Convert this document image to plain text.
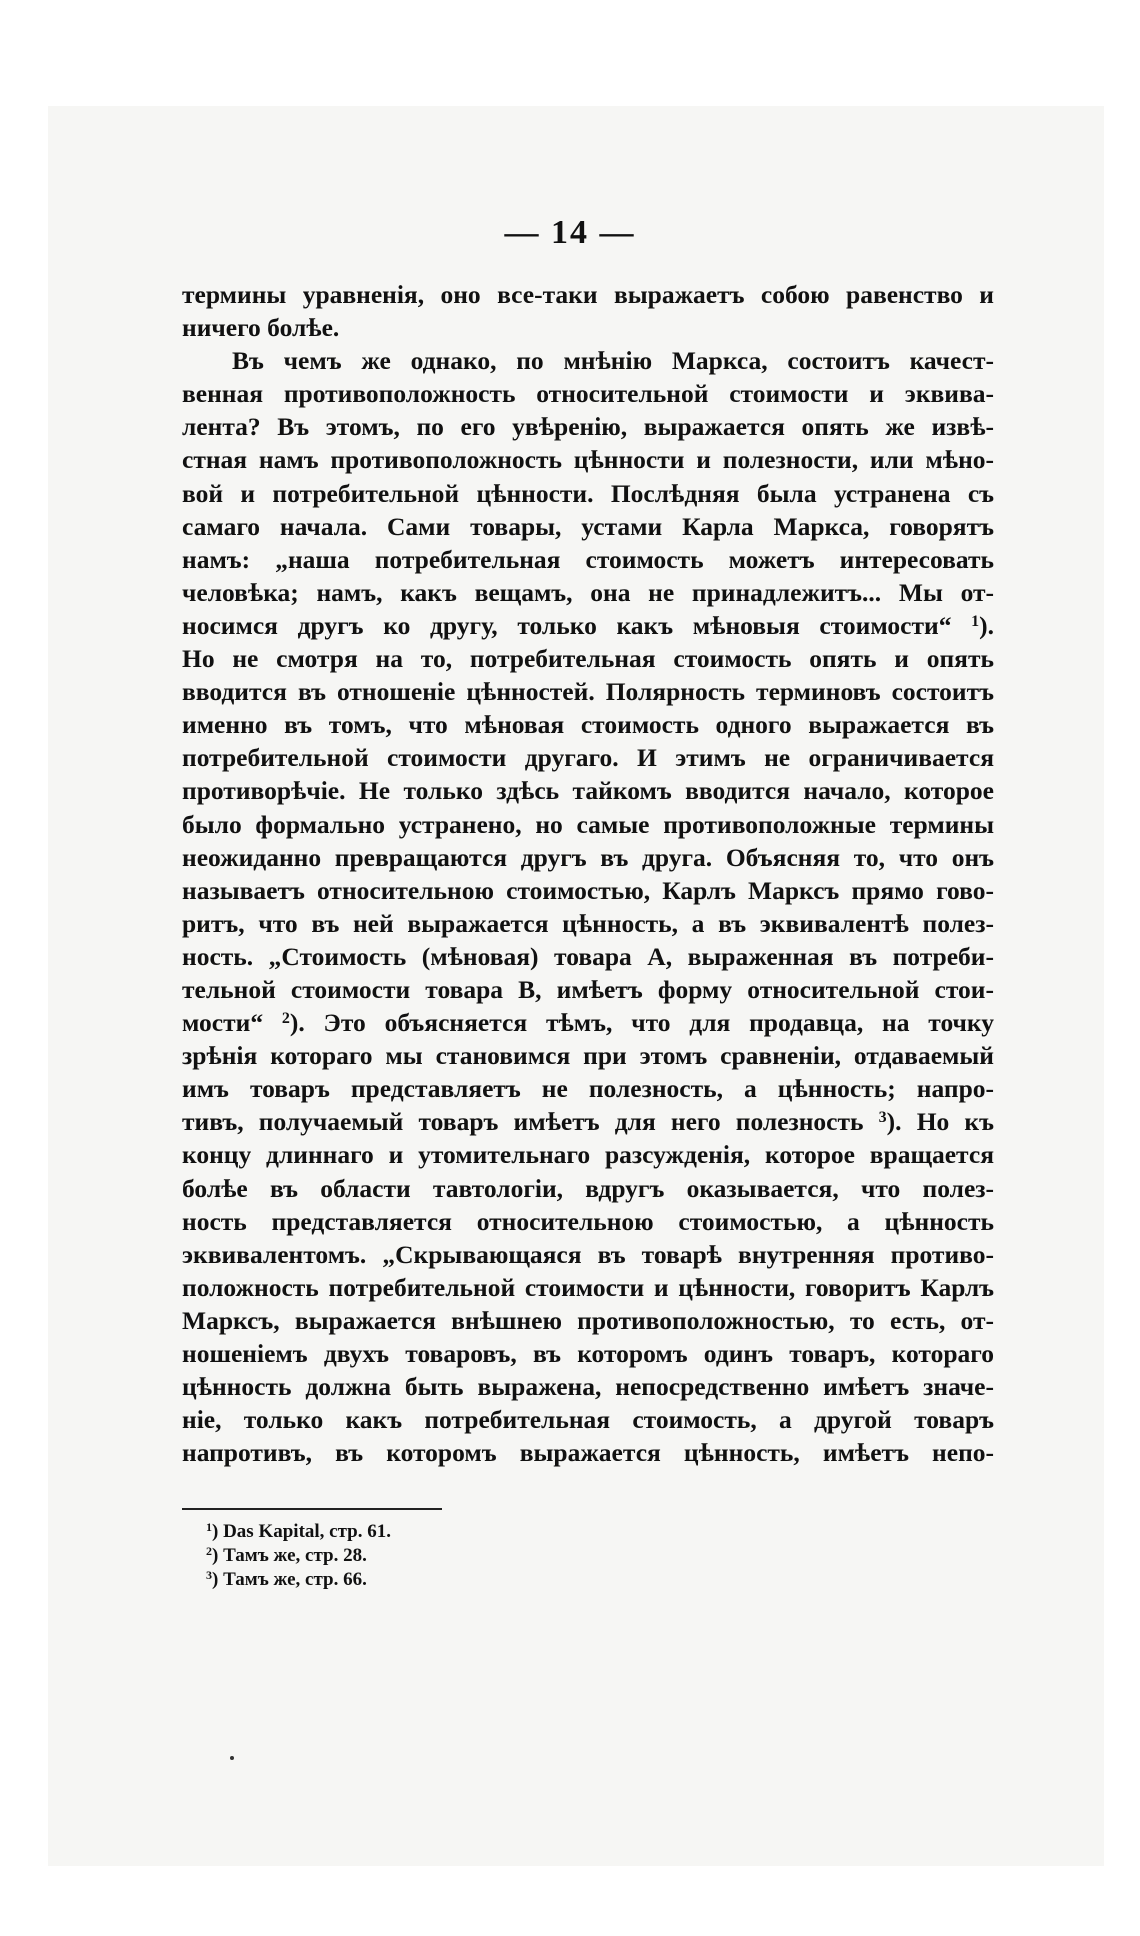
— 14 —
термины уравненія, оно все-таки выражаетъ собою равенство и
ничего болѣе.
Въ чемъ же однако, по мнѣнію Маркса, состоитъ качест-
венная противоположность относительной стоимости и эквива-
лента? Въ этомъ, по его увѣренію, выражается опять же извѣ-
стная намъ противоположность цѣнности и полезности, или мѣно-
вой и потребительной цѣнности. Послѣдняя была устранена съ
самаго начала. Сами товары, устами Карла Маркса, говорятъ
намъ: „наша потребительная стоимость можетъ интересовать
человѣка; намъ, какъ вещамъ, она не принадлежитъ... Мы от-
носимся другъ ко другу, только какъ мѣновыя стоимости“ $^1$).
Но не смотря на то, потребительная стоимость опять и опять
вводится въ отношеніе цѣнностей. Полярность терминовъ состоитъ
именно въ томъ, что мѣновая стоимость одного выражается въ
потребительной стоимости другаго. И этимъ не ограничивается
противорѣчіе. Не только здѣсь тайкомъ вводится начало, которое
было формально устранено, но самые противоположные термины
неожиданно превращаются другъ въ друга. Объясняя то, что онъ
называетъ относительною стоимостью, Карлъ Марксъ прямо гово-
ритъ, что въ ней выражается цѣнность, а въ эквивалентѣ полез-
ность. „Стоимость (мѣновая) товара А, выраженная въ потреби-
тельной стоимости товара В, имѣетъ форму относительной стои-
мости“ $^2$). Это объясняется тѣмъ, что для продавца, на точку
зрѣнія котораго мы становимся при этомъ сравненіи, отдаваемый
имъ товаръ представляетъ не полезность, а цѣнность; напро-
тивъ, получаемый товаръ имѣетъ для него полезность $^3$). Но къ
концу длиннаго и утомительнаго разсужденія, которое вращается
болѣе въ области тавтологіи, вдругъ оказывается, что полез-
ность представляется относительною стоимостью, а цѣнность
эквивалентомъ. „Скрывающаяся въ товарѣ внутренняя противо-
положность потребительной стоимости и цѣнности, говоритъ Карлъ
Марксъ, выражается внѣшнею противоположностью, то есть, от-
ношеніемъ двухъ товаровъ, въ которомъ одинъ товаръ, котораго
цѣнность должна быть выражена, непосредственно имѣетъ значе-
ніе, только какъ потребительная стоимость, а другой товаръ
напротивъ, въ которомъ выражается цѣнность, имѣетъ непо-
$^1$) Das Kapital, стр. 61.
$^2$) Тамъ же, стр. 28.
$^3$) Тамъ же, стр. 66.
